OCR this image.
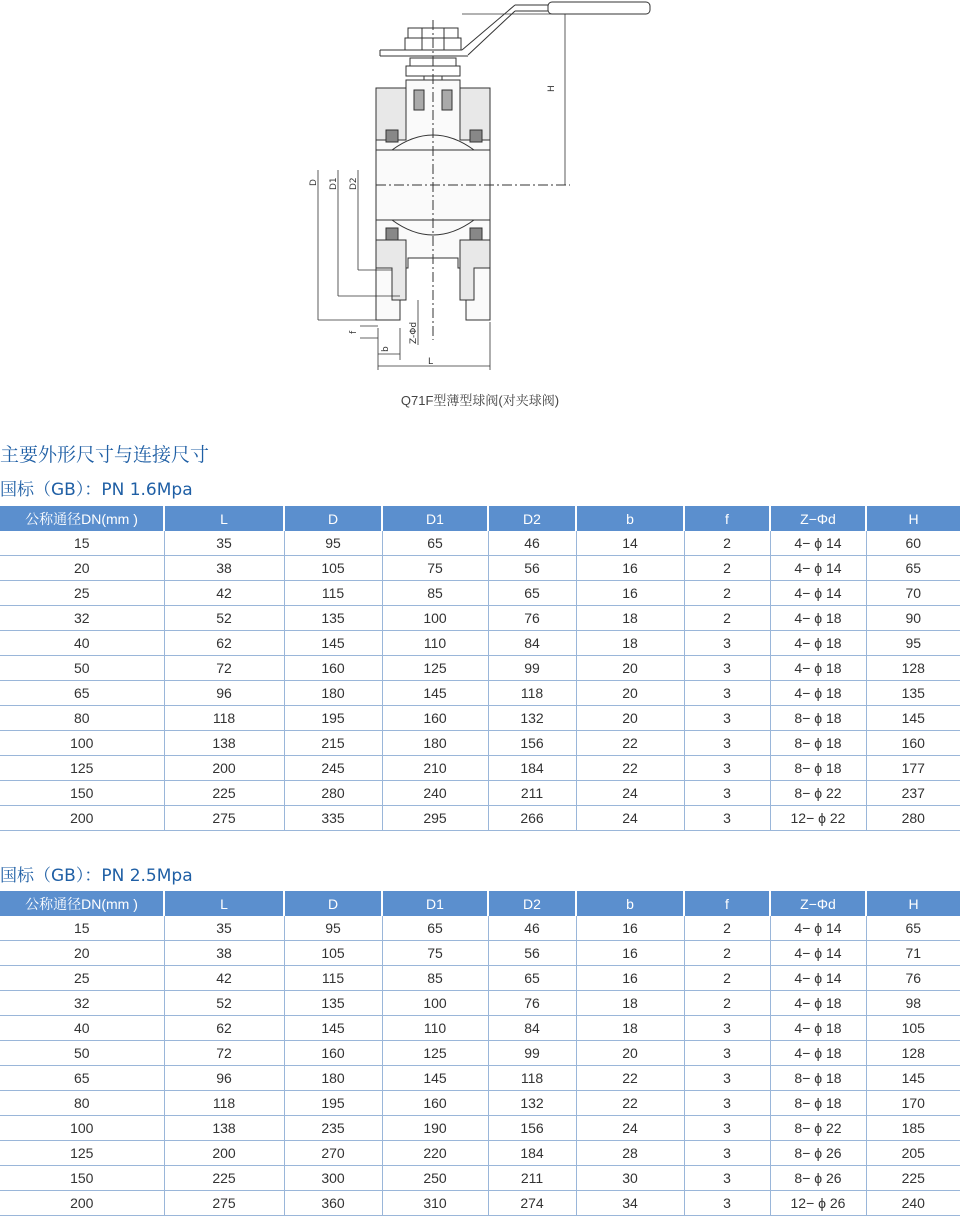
H
D D1 D2
f
b
Z-Φd
L
Q71F型薄型球阀(对夹球阀)
主要外形尺寸与连接尺寸
国标（GB）：PN 1.6Mpa
公称通径DN(mm )	L	D	D1	D2	b	f	Z−Φd	H
15	35	95	65	46	14	2	4− ϕ 14	60
20	38	105	75	56	16	2	4− ϕ 14	65
25	42	115	85	65	16	2	4− ϕ 14	70
32	52	135	100	76	18	2	4− ϕ 18	90
40	62	145	110	84	18	3	4− ϕ 18	95
50	72	160	125	99	20	3	4− ϕ 18	128
65	96	180	145	118	20	3	4− ϕ 18	135
80	118	195	160	132	20	3	8− ϕ 18	145
100	138	215	180	156	22	3	8− ϕ 18	160
125	200	245	210	184	22	3	8− ϕ 18	177
150	225	280	240	211	24	3	8− ϕ 22	237
200	275	335	295	266	24	3	12− ϕ 22	280
国标（GB）：PN 2.5Mpa
公称通径DN(mm )	L	D	D1	D2	b	f	Z−Φd	H
15	35	95	65	46	16	2	4− ϕ 14	65
20	38	105	75	56	16	2	4− ϕ 14	71
25	42	115	85	65	16	2	4− ϕ 14	76
32	52	135	100	76	18	2	4− ϕ 18	98
40	62	145	110	84	18	3	4− ϕ 18	105
50	72	160	125	99	20	3	4− ϕ 18	128
65	96	180	145	118	22	3	8− ϕ 18	145
80	118	195	160	132	22	3	8− ϕ 18	170
100	138	235	190	156	24	3	8− ϕ 22	185
125	200	270	220	184	28	3	8− ϕ 26	205
150	225	300	250	211	30	3	8− ϕ 26	225
200	275	360	310	274	34	3	12− ϕ 26	240
